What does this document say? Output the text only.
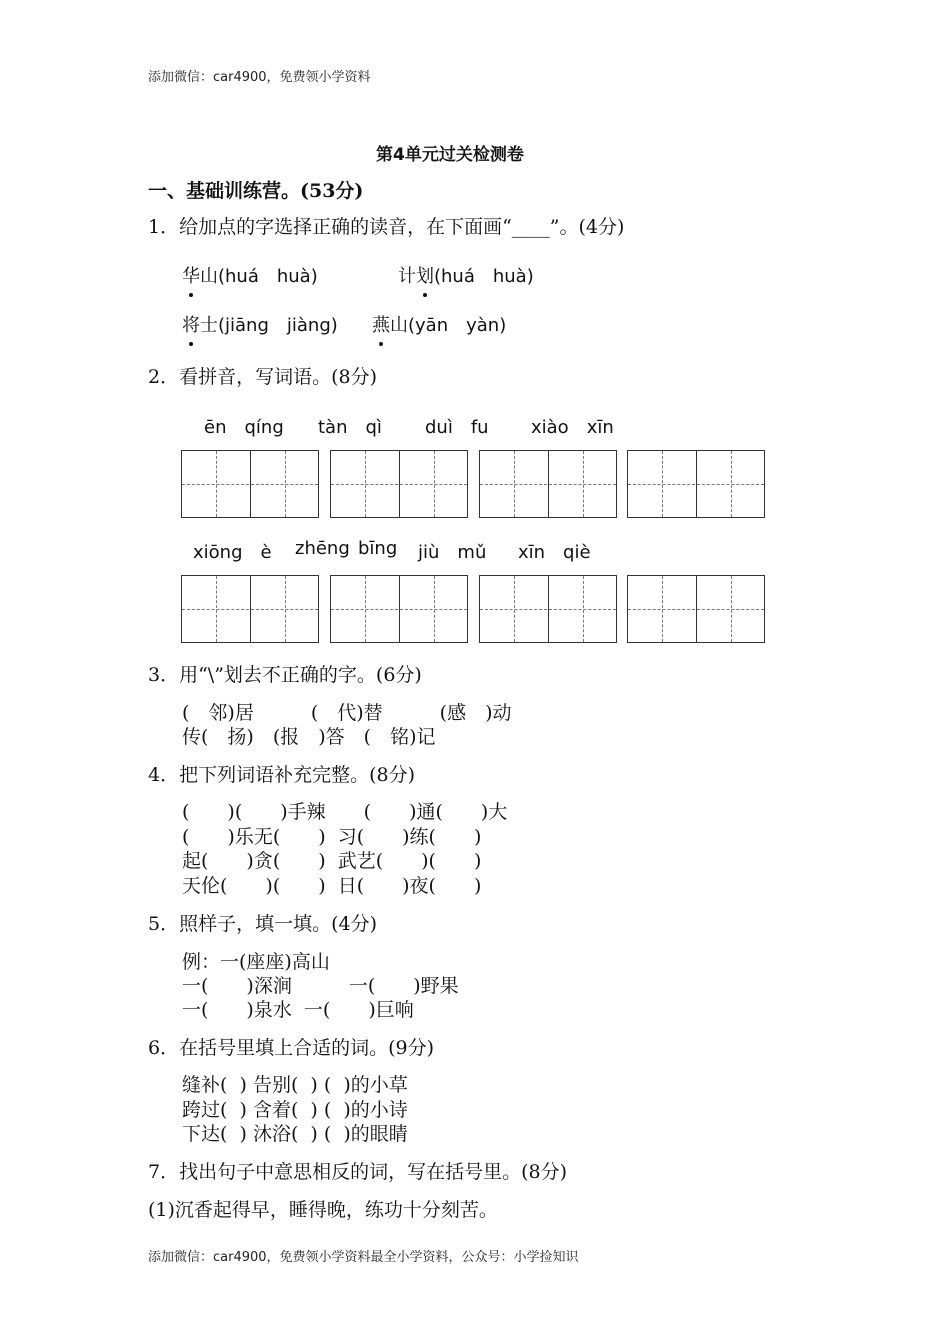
添加微信：car4900，免费领小学资料
第4单元过关检测卷
一、基础训练营。(53分)
1．给加点的字选择正确的读音，在下面画“____”。(4分)
华
山(huá　huà)	计划
(huá　huà)
将
士(jiāng　jiàng) 燕
山(yān　yàn)
2．看拼音，写词语。(8分)
ēn　qíng tàn　qì duì　fu xiào　xīn
xiōng　è zhēng bīng jiù　mǔ xīn　qiè
3．用“\”划去不正确的字。(6分)
(　邻)居　　　(　代)替　　　(感　)动
传(　扬)　(报　)答　(　铭)记
4．把下列词语补充完整。(8分)
(　　)(　　)手辣　　(　　)通(　　)大
(　　)乐无(　　)  习(　　)练(　　)
起(　　)贪(　　)  武艺(　　)(　　)
天伦(　　)(　　)  日(　　)夜(　　)
5．照样子，填一填。(4分)
例：一(座座)高山
一(　　)深涧　　　一(　　)野果
一(　　)泉水  一(　　)巨响
6．在括号里填上合适的词。(9分)
缝补(  ) 告别(  ) (  )的小草
跨过(  ) 含着(  ) (  )的小诗
下达(  ) 沐浴(  ) (  )的眼睛
7．找出句子中意思相反的词，写在括号里。(8分)
(1)沉香起得早，睡得晚，练功十分刻苦。
添加微信：car4900，免费领小学资料最全小学资料，公众号：小学捡知识
